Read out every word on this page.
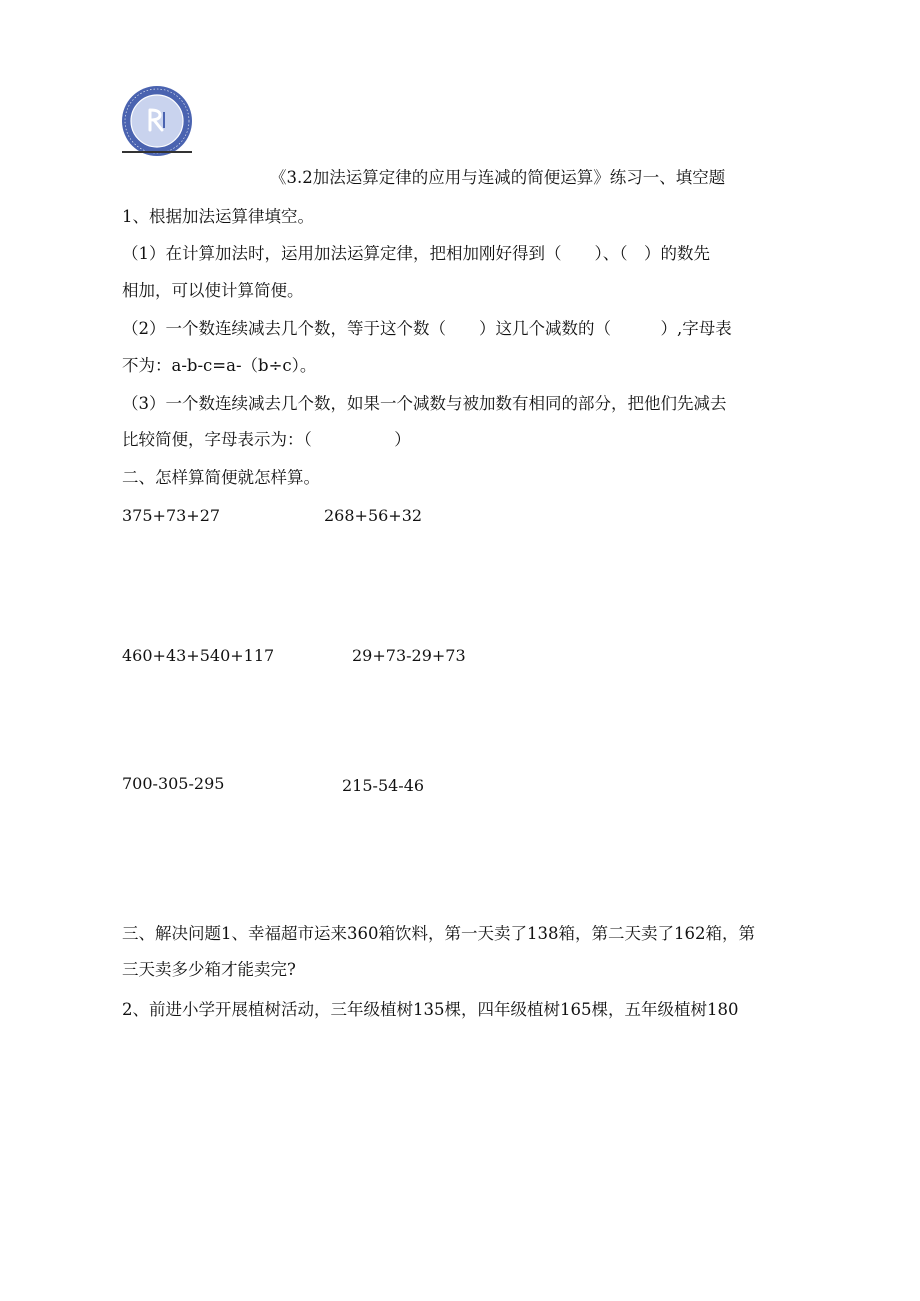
《3.2加法运算定律的应用与连减的简便运算》练习一、填空题
1、根据加法运算律填空。
（1）在计算加法时，运用加法运算定律，把相加刚好得到（　　）、（　）的数先
相加，可以使计算简便。
（2）一个数连续减去几个数，等于这个数（　　）这几个减数的（　　　）,字母表
不为：a-b-c=a-（b÷c）。
（3）一个数连续减去几个数，如果一个减数与被加数有相同的部分，把他们先减去
比较简便，字母表示为：（　　　　　）
二、怎样算简便就怎样算。
375+73+27	268+56+32
460+43+540+117	29+73-29+73
700-305-295	215-54-46
三、解决问题1、幸福超市运来360箱饮料，第一天卖了138箱，第二天卖了162箱，第
三天卖多少箱才能卖完?
2、前进小学开展植树活动，三年级植树135棵，四年级植树165棵，五年级植树180
